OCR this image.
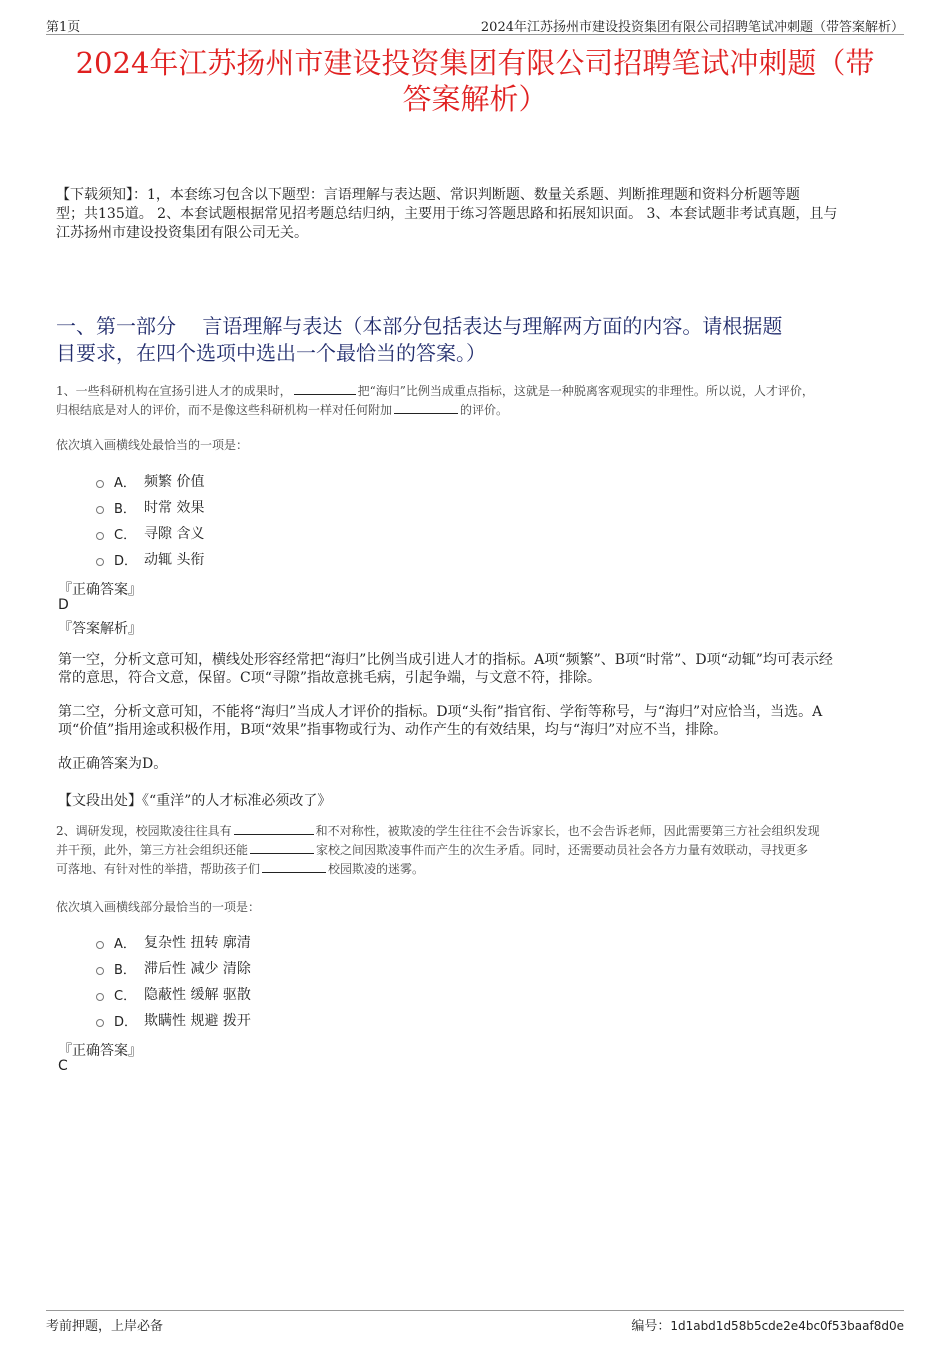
第1页	2024年江苏扬州市建设投资集团有限公司招聘笔试冲刺题（带答案解析）
2024年江苏扬州市建设投资集团有限公司招聘笔试冲刺题（带
答案解析）
【下载须知】：1，本套练习包含以下题型：言语理解与表达题、常识判断题、数量关系题、判断推理题和资料分析题等题
型；共135道。 2、本套试题根据常见招考题总结归纳，主要用于练习答题思路和拓展知识面。 3、本套试题非考试真题，且与
江苏扬州市建设投资集团有限公司无关。
一、第一部分　 言语理解与表达（本部分包括表达与理解两方面的内容。请根据题
目要求，在四个选项中选出一个最恰当的答案。）
1、一些科研机构在宣扬引进人才的成果时，	把“海归”比例当成重点指标，这就是一种脱离客观现实的非理性。所以说，人才评价，
归根结底是对人的评价，而不是像这些科研机构一样对任何附加	的评价。
依次填入画横线处最恰当的一项是：
A． 频繁 价值
B． 时常 效果
C． 寻隙 含义
D． 动辄 头衔
『正确答案』
D
『答案解析』
第一空，分析文意可知，横线处形容经常把“海归”比例当成引进人才的指标。A项“频繁”、B项“时常”、D项“动辄”均可表示经
常的意思，符合文意，保留。C项“寻隙”指故意挑毛病，引起争端，与文意不符，排除。
第二空，分析文意可知，不能将“海归”当成人才评价的指标。D项“头衔”指官衔、学衔等称号，与“海归”对应恰当，当选。A
项“价值”指用途或积极作用，B项“效果”指事物或行为、动作产生的有效结果，均与“海归”对应不当，排除。
故正确答案为D。
【文段出处】《“重洋”的人才标准必须改了》
2、调研发现，校园欺凌往往具有	和不对称性，被欺凌的学生往往不会告诉家长，也不会告诉老师，因此需要第三方社会组织发现
并干预，此外，第三方社会组织还能	家校之间因欺凌事件而产生的次生矛盾。同时，还需要动员社会各方力量有效联动，寻找更多
可落地、有针对性的举措，帮助孩子们	校园欺凌的迷雾。
依次填入画横线部分最恰当的一项是：
A． 复杂性 扭转 廓清
B． 滞后性 减少 清除
C． 隐蔽性 缓解 驱散
D． 欺瞒性 规避 拨开
『正确答案』
C
考前押题，上岸必备	编号：1d1abd1d58b5cde2e4bc0f53baaf8d0e
